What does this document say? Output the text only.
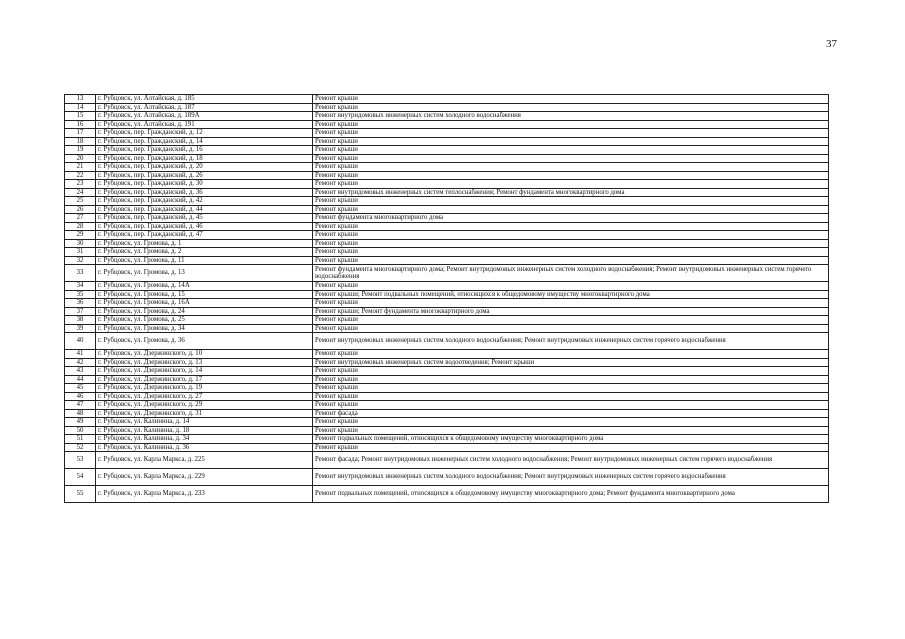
37
13	г. Рубцовск, ул. Алтайская, д. 185	Ремонт крыши
14	г. Рубцовск, ул. Алтайская, д. 187	Ремонт крыши
15	г. Рубцовск, ул. Алтайская, д. 189А	Ремонт внутридомовых инженерных систем холодного водоснабжения
16	г. Рубцовск, ул. Алтайская, д. 191	Ремонт крыши
17	г. Рубцовск, пер. Гражданский, д. 12	Ремонт крыши
18	г. Рубцовск, пер. Гражданский, д. 14	Ремонт крыши
19	г. Рубцовск, пер. Гражданский, д. 16	Ремонт крыши
20	г. Рубцовск, пер. Гражданский, д. 18	Ремонт крыши
21	г. Рубцовск, пер. Гражданский, д. 20	Ремонт крыши
22	г. Рубцовск, пер. Гражданский, д. 26	Ремонт крыши
23	г. Рубцовск, пер. Гражданский, д. 30	Ремонт крыши
24	г. Рубцовск, пер. Гражданский, д. 36	Ремонт внутридомовых инженерных систем теплоснабжения; Ремонт фундамента многоквартирного дома
25	г. Рубцовск, пер. Гражданский, д. 42	Ремонт крыши
26	г. Рубцовск, пер. Гражданский, д. 44	Ремонт крыши
27	г. Рубцовск, пер. Гражданский, д. 45	Ремонт фундамента многоквартирного дома
28	г. Рубцовск, пер. Гражданский, д. 46	Ремонт крыши
29	г. Рубцовск, пер. Гражданский, д. 47	Ремонт крыши
30	г. Рубцовск, ул. Громова, д. 1	Ремонт крыши
31	г. Рубцовск, ул. Громова, д. 2	Ремонт крыши
32	г. Рубцовск, ул. Громова, д. 11	Ремонт крыши
33	г. Рубцовск, ул. Громова, д. 13	Ремонт фундамента многоквартирного дома; Ремонт внутридомовых инженерных систем холодного водоснабжения; Ремонт внутридомовых инженерных систем горячего водоснабжения
34	г. Рубцовск, ул. Громова, д. 14А	Ремонт крыши
35	г. Рубцовск, ул. Громова, д. 15	Ремонт крыши; Ремонт подвальных помещений, относящихся к общедомовому имуществу многоквартирного дома
36	г. Рубцовск, ул. Громова, д. 16А	Ремонт крыши
37	г. Рубцовск, ул. Громова, д. 24	Ремонт крыши; Ремонт фундамента многоквартирного дома
38	г. Рубцовск, ул. Громова, д. 25	Ремонт крыши
39	г. Рубцовск, ул. Громова, д. 34	Ремонт крыши
40	г. Рубцовск, ул. Громова, д. 36	Ремонт внутридомовых инженерных систем холодного водоснабжения; Ремонт внутридомовых инженерных систем горячего водоснабжения
41	г. Рубцовск, ул. Дзержинского, д. 10	Ремонт крыши
42	г. Рубцовск, ул. Дзержинского, д. 13	Ремонт внутридомовых инженерных систем водоотведения; Ремонт крыши
43	г. Рубцовск, ул. Дзержинского, д. 14	Ремонт крыши
44	г. Рубцовск, ул. Дзержинского, д. 17	Ремонт крыши
45	г. Рубцовск, ул. Дзержинского, д. 19	Ремонт крыши
46	г. Рубцовск, ул. Дзержинского, д. 27	Ремонт крыши
47	г. Рубцовск, ул. Дзержинского, д. 29	Ремонт крыши
48	г. Рубцовск, ул. Дзержинского, д. 31	Ремонт фасада
49	г. Рубцовск, ул. Калинина, д. 14	Ремонт крыши
50	г. Рубцовск, ул. Калинина, д. 18	Ремонт крыши
51	г. Рубцовск, ул. Калинина, д. 34	Ремонт подвальных помещений, относящихся к общедомовому имуществу многоквартирного дома
52	г. Рубцовск, ул. Калинина, д. 36	Ремонт крыши
53	г. Рубцовск, ул. Карла Маркса, д. 225	Ремонт фасада; Ремонт внутридомовых инженерных систем холодного водоснабжения; Ремонт внутридомовых инженерных систем горячего водоснабжения
54	г. Рубцовск, ул. Карла Маркса, д. 229	Ремонт внутридомовых инженерных систем холодного водоснабжения; Ремонт внутридомовых инженерных систем горячего водоснабжения
55	г. Рубцовск, ул. Карла Маркса, д. 233	Ремонт подвальных помещений, относящихся к общедомовому имуществу многоквартирного дома; Ремонт фундамента многоквартирного дома
